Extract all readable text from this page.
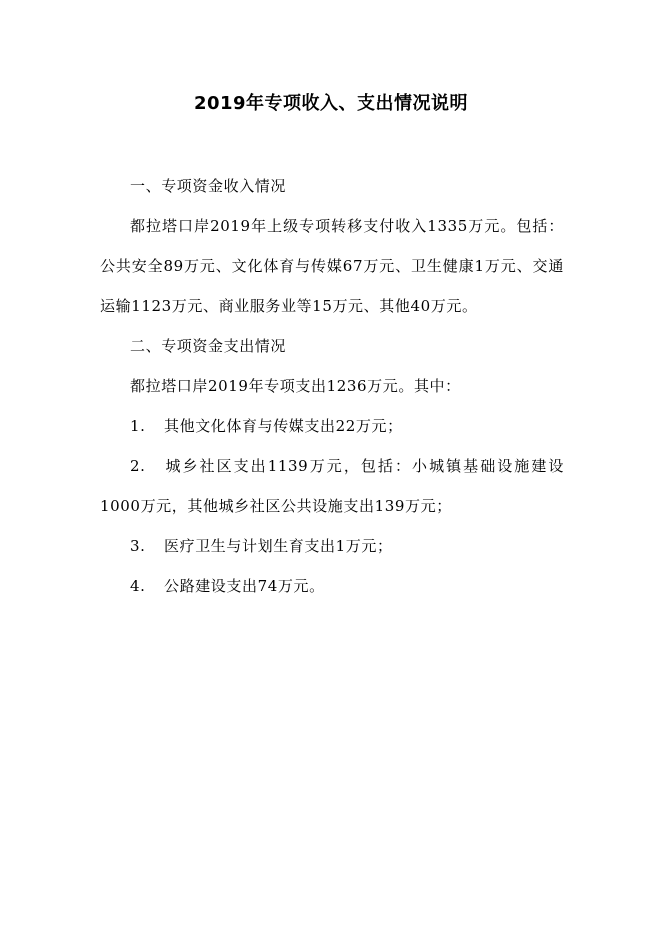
2019年专项收入、支出情况说明

一、专项资金收入情况

都拉塔口岸2019年上级专项转移支付收入1335万元。包括：公共安全89万元、文化体育与传媒67万元、卫生健康1万元、交通运输1123万元、商业服务业等15万元、其他40万元。

二、专项资金支出情况

都拉塔口岸2019年专项支出1236万元。其中：

1. 其他文化体育与传媒支出22万元；

2. 城乡社区支出1139万元，包括：小城镇基础设施建设1000万元，其他城乡社区公共设施支出139万元；

3. 医疗卫生与计划生育支出1万元；

4. 公路建设支出74万元。
